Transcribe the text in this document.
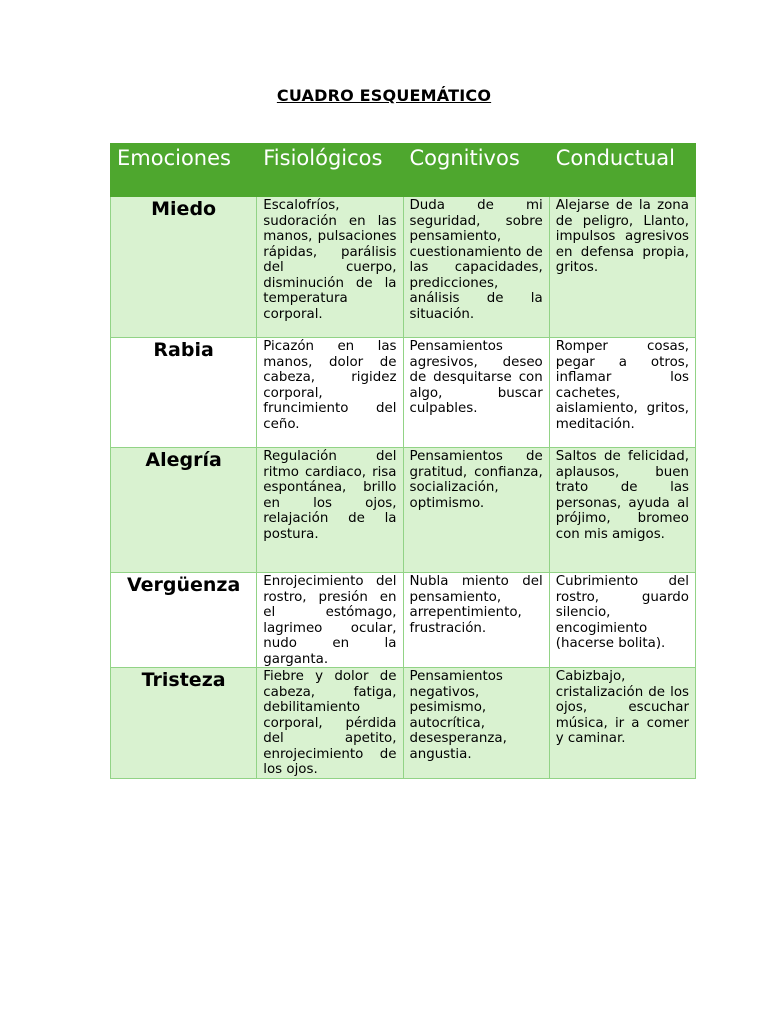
CUADRO ESQUEMÁTICO
Emociones	Fisiológicos	Cognitivos	Conductual
Miedo	Escalofríos, sudoración en las manos, pulsaciones rápidas, parálisis del cuerpo, disminución de la temperatura corporal.	Duda de mi seguridad, sobre pensamiento, cuestionamiento de las capacidades, predicciones, análisis de la situación.	Alejarse de la zona de peligro, Llanto, impulsos agresivos en defensa propia, gritos.
Rabia	Picazón en las manos, dolor de cabeza, rigidez corporal, fruncimiento del ceño.	Pensamientos agresivos, deseo de desquitarse con algo, buscar culpables.	Romper cosas, pegar a otros, inflamar los cachetes, aislamiento, gritos, meditación.
Alegría	Regulación del ritmo cardiaco, risa espontánea, brillo en los ojos, relajación de la postura.	Pensamientos de gratitud, confianza, socialización, optimismo.	Saltos de felicidad, aplausos, buen trato de las personas, ayuda al prójimo, bromeo con mis amigos.
Vergüenza	Enrojecimiento del rostro, presión en el estómago, lagrimeo ocular, nudo en la garganta.	Nubla miento del pensamiento, arrepentimiento, frustración.	Cubrimiento del rostro, guardo silencio, encogimiento (hacerse bolita).
Tristeza	Fiebre y dolor de cabeza, fatiga, debilitamiento corporal, pérdida del apetito, enrojecimiento de los ojos.	Pensamientos negativos, pesimismo, autocrítica, desesperanza, angustia.	Cabizbajo, cristalización de los ojos, escuchar música, ir a comer y caminar.
